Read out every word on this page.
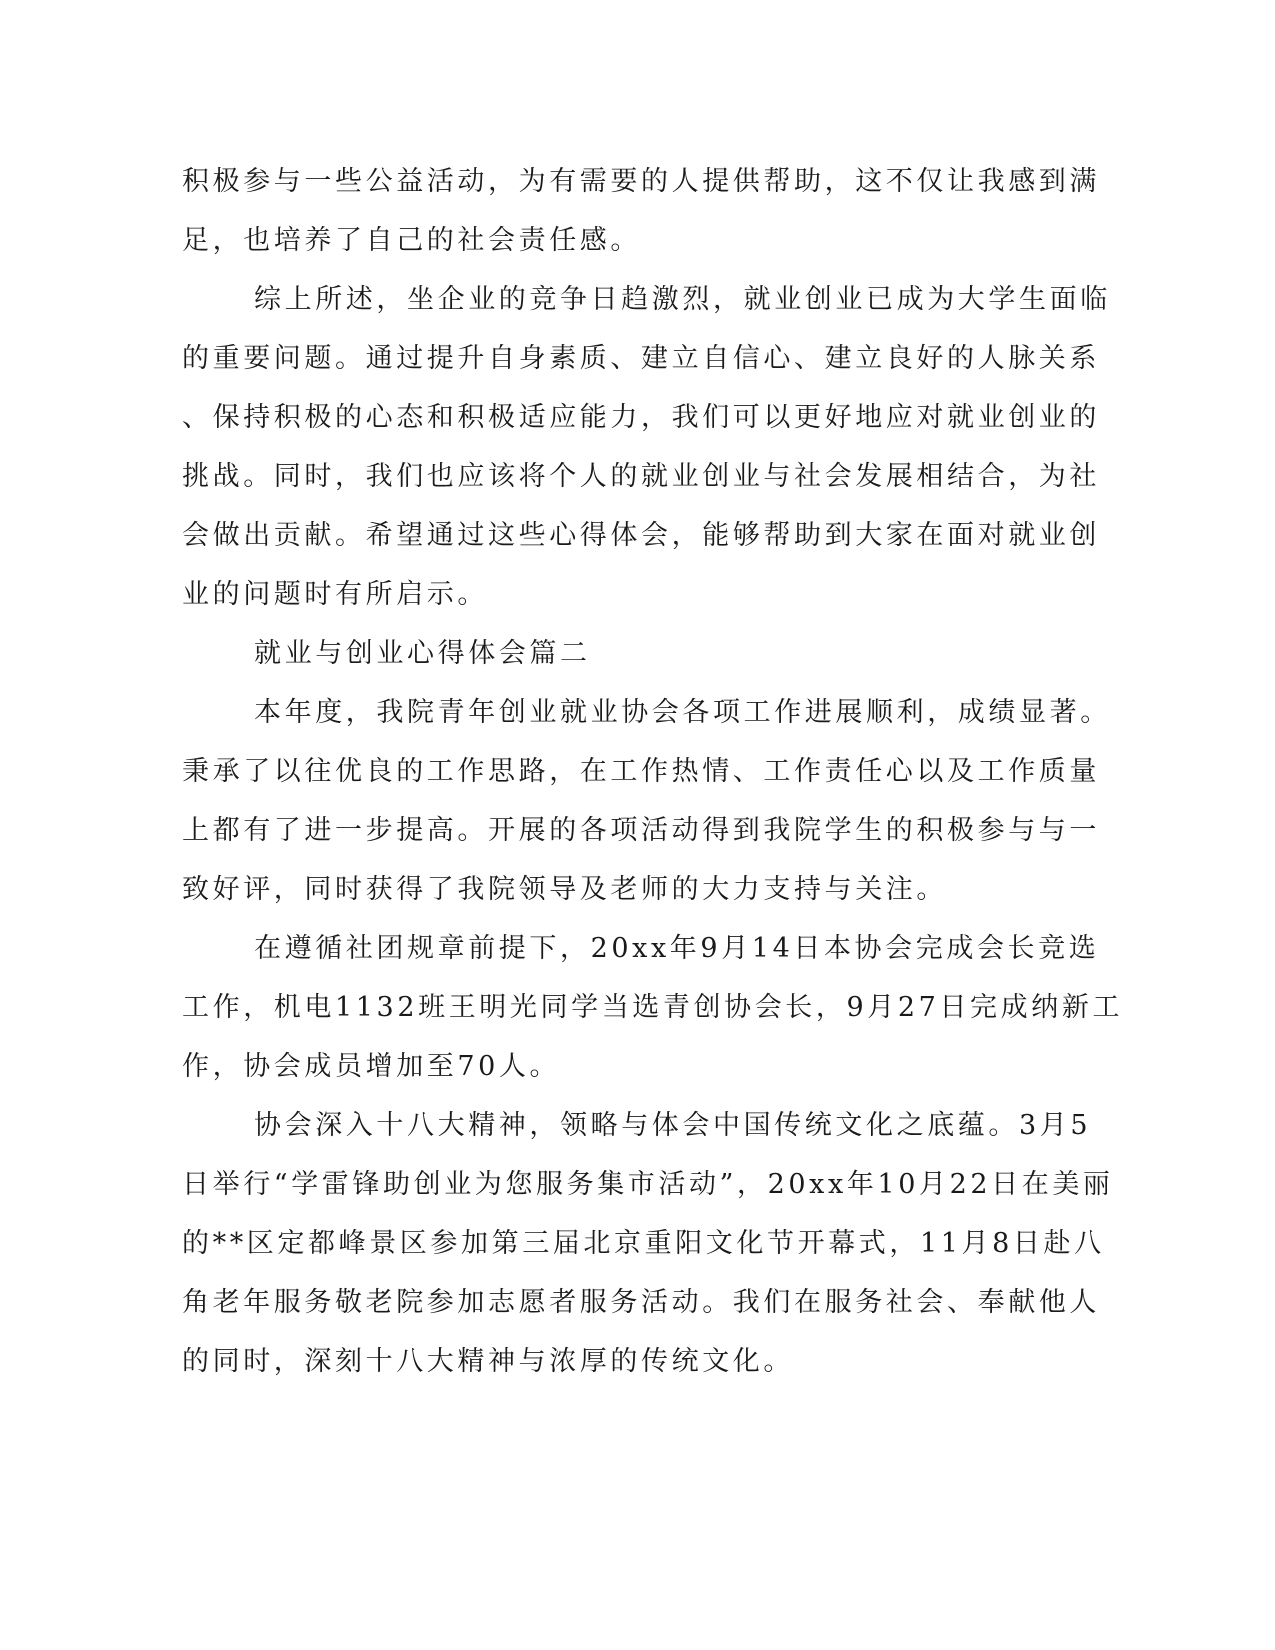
积极参与一些公益活动，为有需要的人提供帮助，这不仅让我感到满
足，也培养了自己的社会责任感。
综上所述，坐企业的竞争日趋激烈，就业创业已成为大学生面临
的重要问题。通过提升自身素质、建立自信心、建立良好的人脉关系
、保持积极的心态和积极适应能力，我们可以更好地应对就业创业的
挑战。同时，我们也应该将个人的就业创业与社会发展相结合，为社
会做出贡献。希望通过这些心得体会，能够帮助到大家在面对就业创
业的问题时有所启示。
就业与创业心得体会篇二
本年度，我院青年创业就业协会各项工作进展顺利，成绩显著。
秉承了以往优良的工作思路，在工作热情、工作责任心以及工作质量
上都有了进一步提高。开展的各项活动得到我院学生的积极参与与一
致好评，同时获得了我院领导及老师的大力支持与关注。
在遵循社团规章前提下，20xx年9月14日本协会完成会长竞选
工作，机电1132班王明光同学当选青创协会长，9月27日完成纳新工
作，协会成员增加至70人。
协会深入十八大精神，领略与体会中国传统文化之底蕴。3月5
日举行“学雷锋助创业为您服务集市活动”，20xx年10月22日在美丽
的**区定都峰景区参加第三届北京重阳文化节开幕式，11月8日赴八
角老年服务敬老院参加志愿者服务活动。我们在服务社会、奉献他人
的同时，深刻十八大精神与浓厚的传统文化。
